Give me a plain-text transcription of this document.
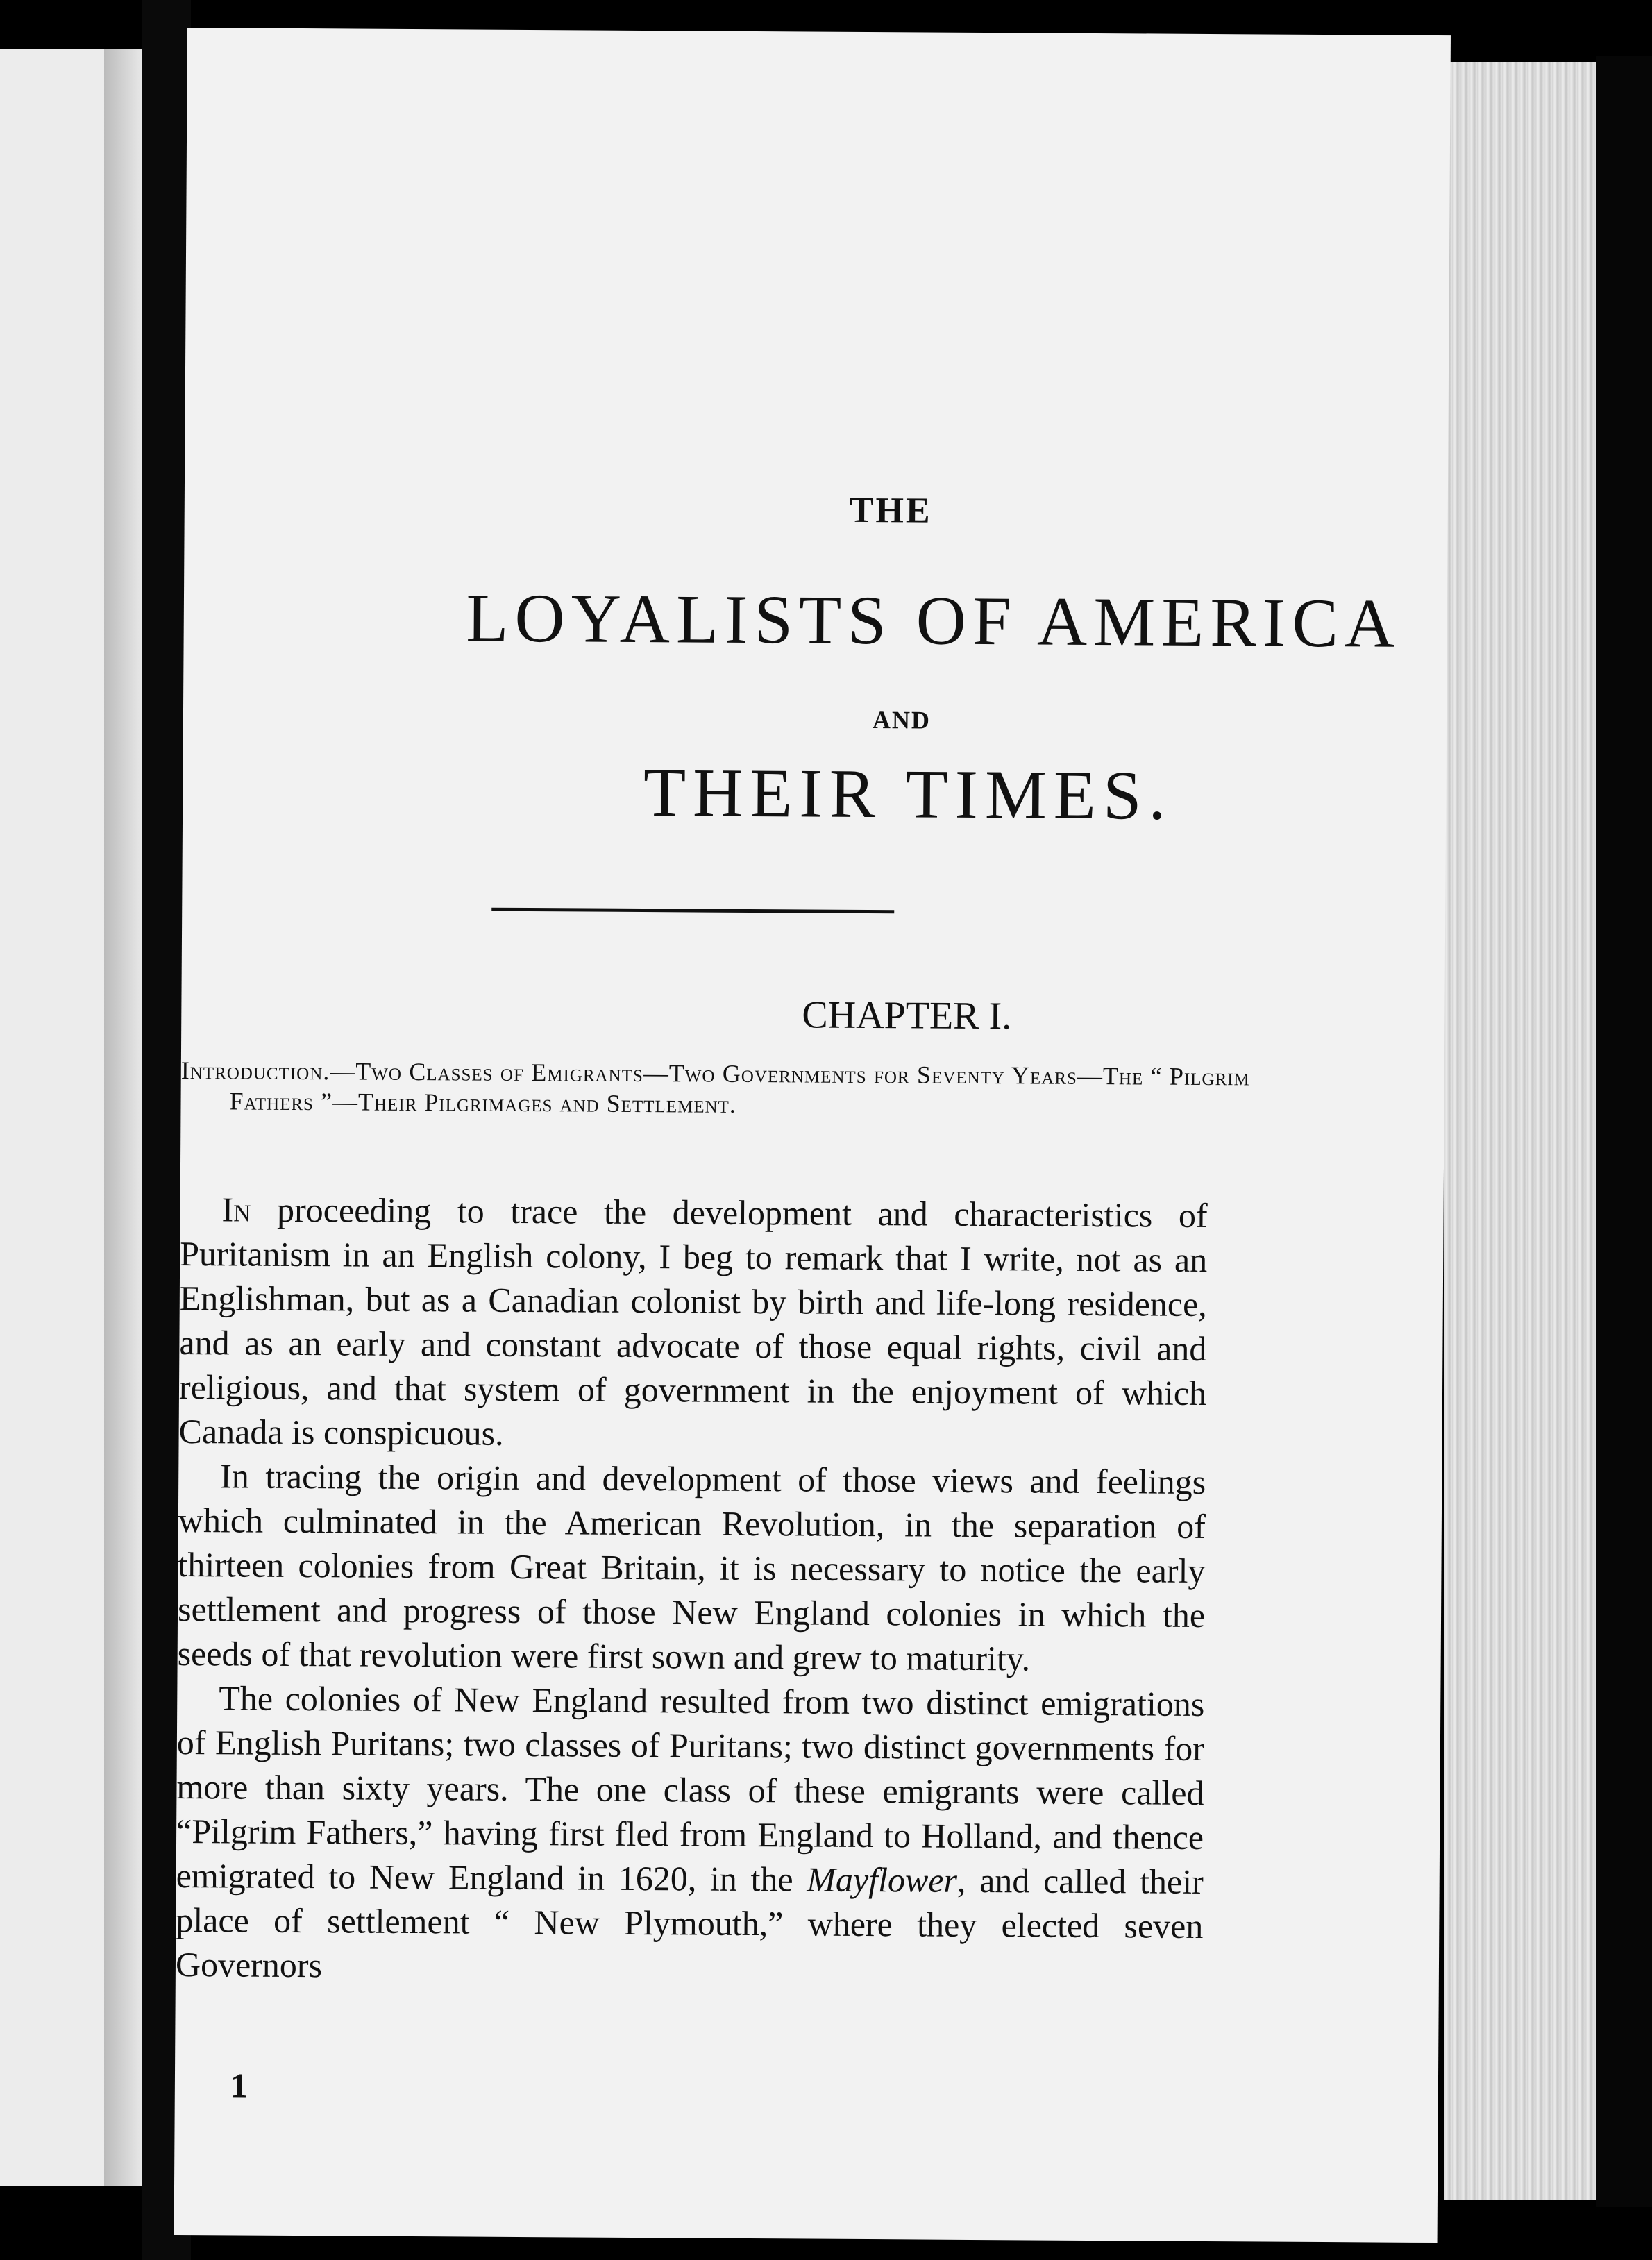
THE
LOYALISTS OF AMERICA
AND
THEIR TIMES.
CHAPTER I.
Introduction.—Two Classes of Emigrants—Two Governments for Seventy Years—The “ Pilgrim Fathers ”—Their Pilgrimages and Settlement.

In proceeding to trace the development and characteristics of Puritanism in an English colony, I beg to remark that I write, not as an Englishman, but as a Canadian colonist by birth and life-long residence, and as an early and constant advocate of those equal rights, civil and religious, and that system of government in the enjoyment of which Canada is conspicuous.

In tracing the origin and development of those views and feelings which culminated in the American Revolution, in the separation of thirteen colonies from Great Britain, it is necessary to notice the early settlement and progress of those New England colonies in which the seeds of that revolution were first sown and grew to maturity.

The colonies of New England resulted from two distinct emigrations of English Puritans; two classes of Puritans; two distinct governments for more than sixty years. The one class of these emigrants were called “Pilgrim Fathers,” having first fled from England to Holland, and thence emigrated to New England in 1620, in the Mayflower, and called their place of settlement “ New Plymouth,” where they elected seven Governors

1
